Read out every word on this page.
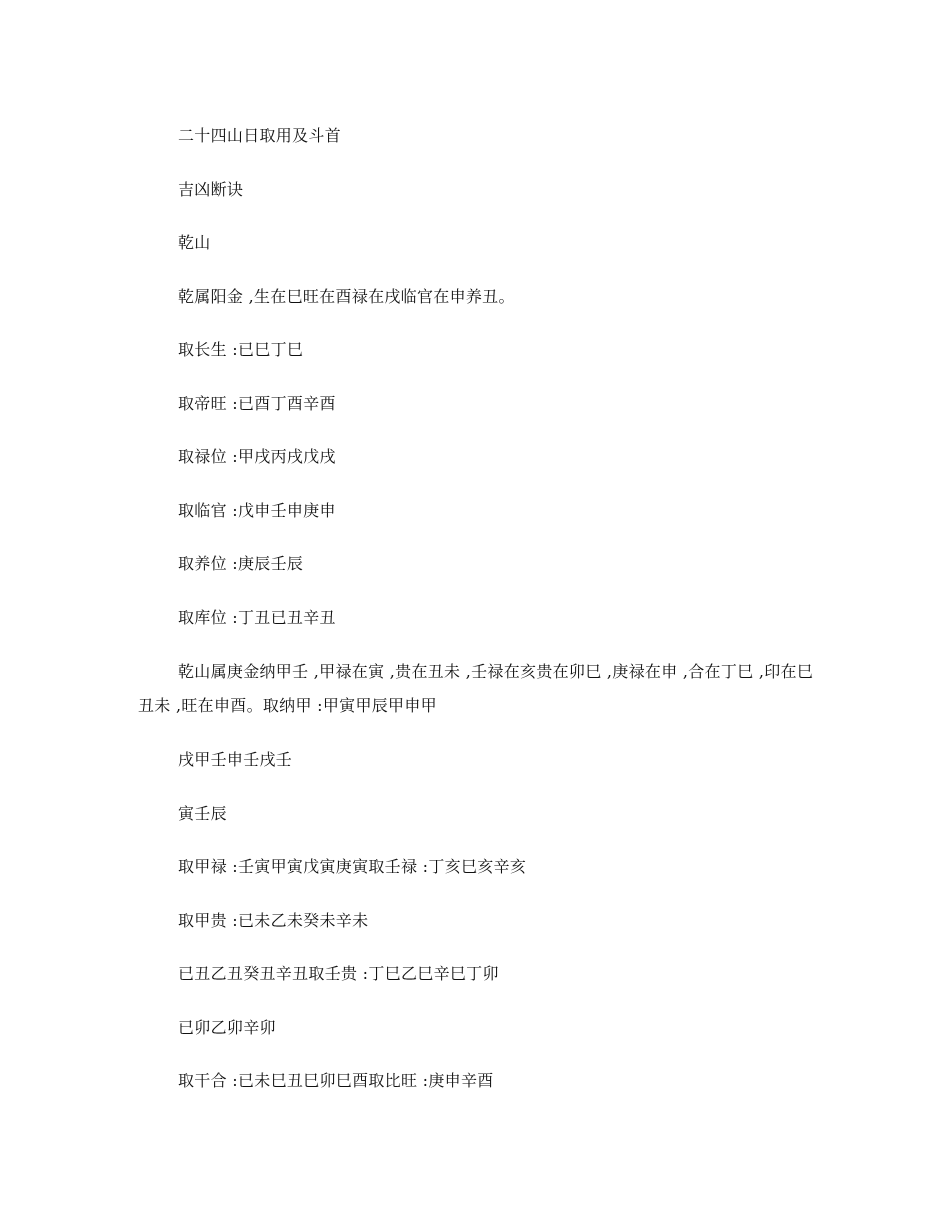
二十四山日取用及斗首
吉凶断诀
乾山
乾属阳金 ,生在巳旺在酉禄在戌临官在申养丑。
取长生 :已巳丁巳
取帝旺 :已酉丁酉辛酉
取禄位 :甲戌丙戌戊戌
取临官 :戊申壬申庚申
取养位 :庚辰壬辰
取库位 :丁丑已丑辛丑
乾山属庚金纳甲壬 ,甲禄在寅 ,贵在丑未 ,壬禄在亥贵在卯巳 ,庚禄在申 ,合在丁巳 ,印在巳丑未 ,旺在申酉。取纳甲 :甲寅甲辰甲申甲
戌甲壬申壬戌壬
寅壬辰
取甲禄 :壬寅甲寅戊寅庚寅取壬禄 :丁亥巳亥辛亥
取甲贵 :已未乙未癸未辛未
已丑乙丑癸丑辛丑取壬贵 :丁巳乙巳辛巳丁卯
已卯乙卯辛卯
取干合 :已未巳丑巳卯巳酉取比旺 :庚申辛酉
